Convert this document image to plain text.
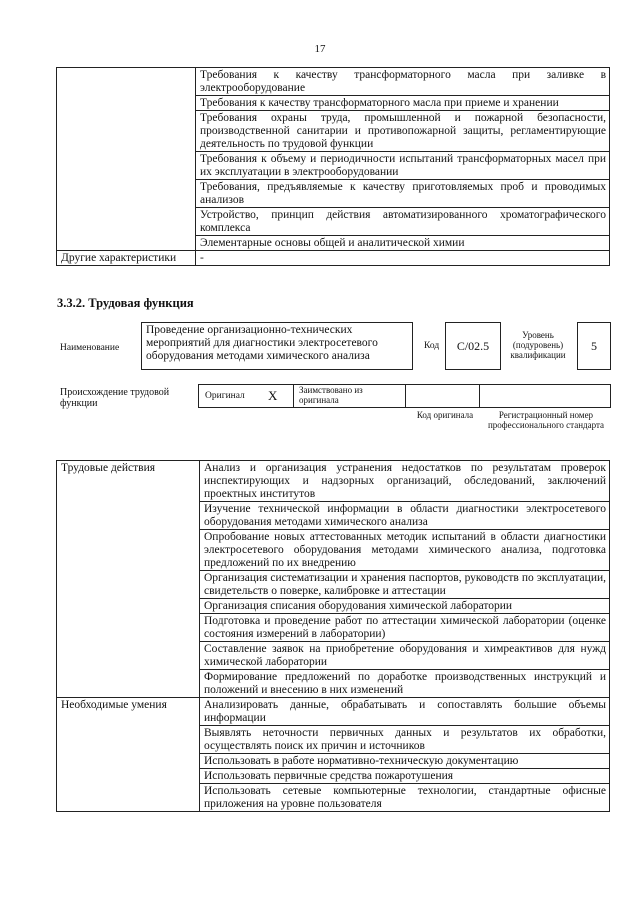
17
	Требования к качеству трансформаторного масла при заливке в электрооборудование
	Требования к качеству трансформаторного масла при приеме и хранении
	Требования охраны труда, промышленной и пожарной безопасности, производственной санитарии и противопожарной защиты, регламентирующие деятельность по трудовой функции
	Требования к объему и периодичности испытаний трансформаторных масел при их эксплуатации в электрооборудовании
	Требования, предъявляемые к качеству приготовляемых проб и проводимых анализов
	Устройство, принцип действия автоматизированного хроматографического комплекса
	Элементарные основы общей и аналитической химии
Другие характеристики	-
3.3.2. Трудовая функция
Наименование
Проведение организационно-технических мероприятий для диагностики электросетевого оборудования методами химического анализа
Код	С/02.5
Уровень (подуровень) квалификации
5
Происхождение трудовой функции
Оригинал Х Заимствовано из оригинала
Код оригинала	Регистрационный номер профессионального стандарта
Трудовые действия	Анализ и организация устранения недостатков по результатам проверок инспектирующих и надзорных организаций, обследований, заключений проектных институтов
	Изучение технической информации в области диагностики электросетевого оборудования методами химического анализа
	Опробование новых аттестованных методик испытаний в области диагностики электросетевого оборудования методами химического анализа, подготовка предложений по их внедрению
	Организация систематизации и хранения паспортов, руководств по эксплуатации, свидетельств о поверке, калибровке и аттестации
	Организация списания оборудования химической лаборатории
	Подготовка и проведение работ по аттестации химической лаборатории (оценке состояния измерений в лаборатории)
	Составление заявок на приобретение оборудования и химреактивов для нужд химической лаборатории
	Формирование предложений по доработке производственных инструкций и положений и внесению в них изменений
Необходимые умения	Анализировать данные, обрабатывать и сопоставлять большие объемы информации
	Выявлять неточности первичных данных и результатов их обработки, осуществлять поиск их причин и источников
	Использовать в работе нормативно-техническую документацию
	Использовать первичные средства пожаротушения
	Использовать сетевые компьютерные технологии, стандартные офисные приложения на уровне пользователя
